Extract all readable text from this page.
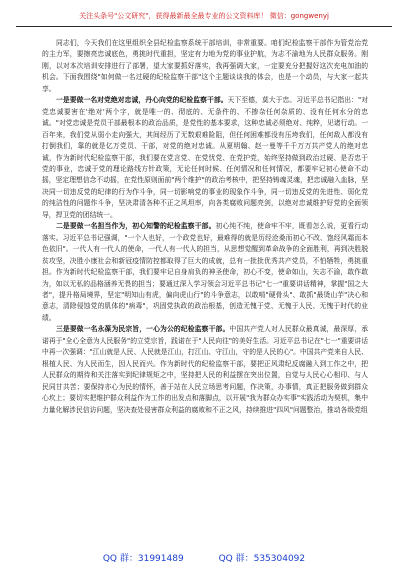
关注头条号"公文研究"，获得最新最全最专业的公文资料库！ 微信：gongwenyj

同志们，今天我们在这里组织全县纪检监察系统干部培训，非常重要。咱们纪检监察干部作为管党治党的主力军，要擦亮忠诚底色，勇挑时代重担，坚定有力地为党的事业护航，为志不渝地为人民群众服务。刚刚，以对本次培训安排进行了部署，望大家要抓好落实，我再强调大家，一定要充分把握好这次充电加油的机会。下面我围绕"如何做一名过硬的纪检监察干部"这个主题谈谈我的体会，也是一个动员，与大家一起共享。

一是要做一名对党绝对忠诚，丹心向党的纪检监察干部。天下至德，莫大于忠。习近平总书记指出："对党忠诚要害在'绝对'两个字，就是唯一的、彻底的、无条件的、不掺杂任何杂质的、没有任何水分的忠诚。"对党忠诚是党员干部最根本的政治品质，是党性的基本要求，这种忠诚必须绝对、纯粹，见诸行动。一百年来，我们党从弱小走向强大，其间经历了无数艰难险阻，但任何困难都没有压垮我们，任何敌人都没有打倒我们，靠的就是亿万党员、干部，对党的绝对忠诚。从夏明翰、赵一曼等千千万万共产党人的绝对忠诚，作为新时代纪检监察干部，我们要在党言党、在党忧党、在党护党，始终坚持做到政治过硬、是否忠于党的事业，忠诚于党的理论路线方针政策，无论任何时候、任何情况和任何情况，都要牢记初心使命不动摇，坚定理想信念不动摇，在党性原则面前"两个维护"的政治考核中，把坚持铸魂灵魂，把忠诚融入血脉，坚决同一切违反党的纪律的行为作斗争，同一切影响党的事业的现象作斗争，同一切违反党的先进性、弱化党的纯洁性的问题作斗争，坚决肃清各种不正之风坦率，向各类腐败问题亮剑，以绝对忠诚维护好党的全面领导，捍卫党的团结统一。

二是要做一名担当作为，初心知警的纪检监察干部。初心纯不纯，使命牢不牢，既看怎么说，更看行动落实。习近平总书记强调，"一个人也好，一个政党也好，最难得的就是历经沧桑而初心不改、饱经风霜而本色依旧"。一代人有一代人的使命，一代人有一代人的担当，从思想觉醒到革命战争的全面胜利，再到决胜脱贫攻坚，决胜小康社会和新冠疫情防控都取得了巨大的成就，总有一批批优秀共产党员，不怕牺牲，勇挑重担。作为新时代纪检监察干部，我们要牢记自身肩负的神圣使命，初心不变，使命如山，矢志不渝，敢作敢为，如以无私的品格涵养无畏的担当；要通过深入学习领会习近平总书记"七一"重要讲话精神，掌握"国之大者"，提升格局境界，坚定"明知山有虎，偏向虎山行"的斗争意志，以敢啃"硬骨头"、敢抓"最烫山芋"决心和意志，清除侵蚀党的肌体的"病毒"，巩固党执政的政治根基，创造无愧于党、无愧于人民、无愧于时代的业绩。

三是要做一名永葆为民宗旨，一心为公的纪检监察干部。中国共产党人对人民群众最真诚，最深厚，承诺再于"全心全意为人民服务"的立党宗旨，践诺在于"人民向往"的美好生活。习近平总书记在"七一"重要讲话中再一次强调："江山就是人民、人民就是江山，打江山、守江山，守的是人民的心"。中国共产党来自人民、根植人民、为人民而生，因人民而兴。作为新时代的纪检监察干部，要把正风肃纪反腐融入到工作之中，把人民群众的期待和关注落实到纪律规矩之中，坚持把人民的利益摆在突出位置，自觉与人民心心相印、与人民同甘共苦；要保持亦心为民的情怀，善于站在人民立场思考问题，作决策，办事情，真正把服务做到群众心坎上；要切实把维护群众利益作为工作的出发点和落脚点，以开展"我为群众办实事"实践活动为契机，集中力量化解涉民信访问题，坚决查处侵害群众利益的腐败和不正之风，持续推进"四风"问题整治，推动各级党组

QQ 群：31991489	QQ 群：535304092
